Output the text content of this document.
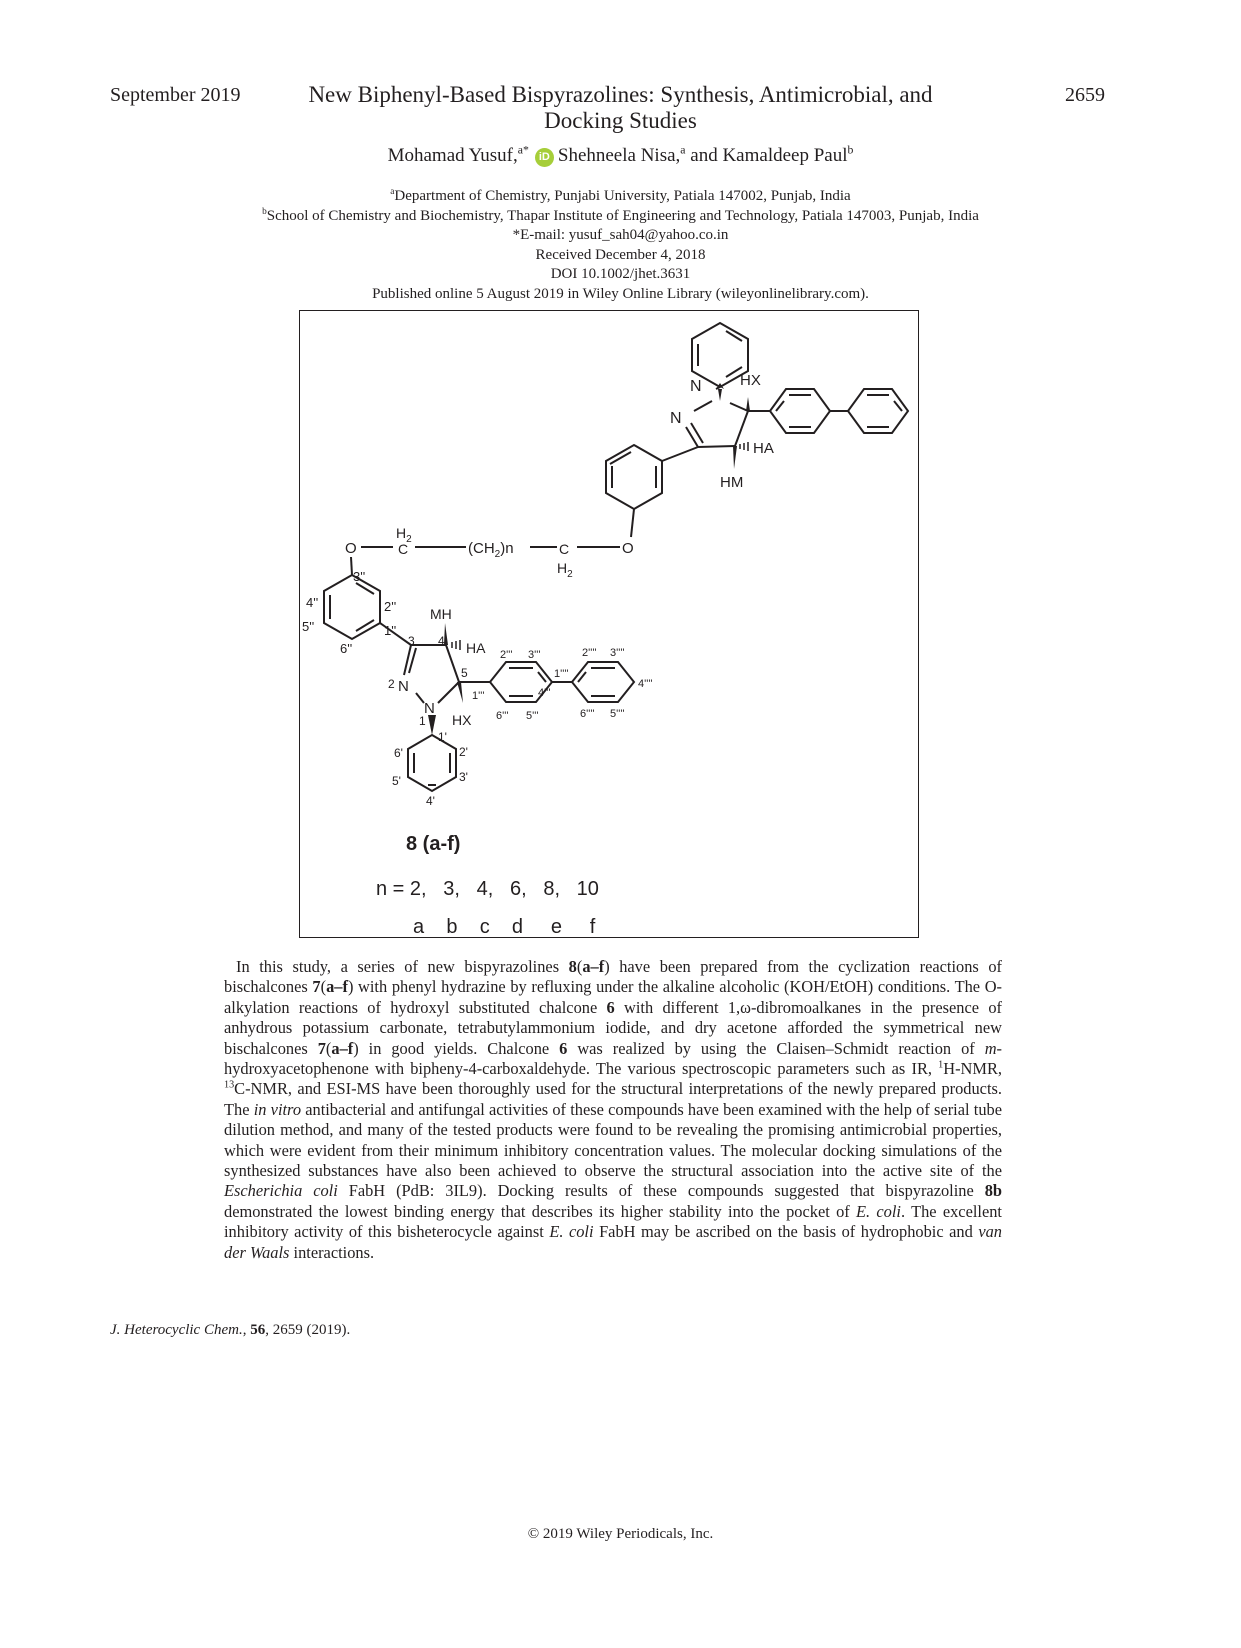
September 2019	New Biphenyl-Based Bispyrazolines: Synthesis, Antimicrobial, and
Docking Studies
2659
Mohamad Yusuf,$^{a*}$iD Shehneela Nisa,$^a$ and Kamaldeep Paul$^b$
$^a$Department of Chemistry, Punjabi University, Patiala 147002, Punjab, India
$^b$School of Chemistry and Biochemistry, Thapar Institute of Engineering and Technology, Patiala 147003, Punjab, India
*E-mail: yusuf_sah04@yahoo.co.in
Received December 4, 2018
DOI 10.1002/jhet.3631
Published online 5 August 2019 in Wiley Online Library (wileyonlinelibrary.com).
N
N
HX
HA
HM
O
O
$H_2$
C	$(CH_2)n$	C
$H_2$
3''
2''
4''
5''
6''
1''
MH
HA
3 4
5
2 N
N
1 HX
1'
2'
3'
4'
5'
6'
1'''
2''' 3'''
4'''
5'''
6'''
1''''
2'''' 3''''
4''''
5''''
6''''
8 (a-f)
n = 2,   3,   4,   6,   8,   10
a    b    c    d     e     f

In this study, a series of new bispyrazolines 8(a–f) have been prepared from the cyclization reactions of bischalcones 7(a–f) with phenyl hydrazine by refluxing under the alkaline alcoholic (KOH/EtOH) conditions. The O-alkylation reactions of hydroxyl substituted chalcone 6 with different 1,ω-dibromoalkanes in the presence of anhydrous potassium carbonate, tetrabutylammonium iodide, and dry acetone afforded the symmetrical new bischalcones 7(a–f) in good yields. Chalcone 6 was realized by using the Claisen–Schmidt reaction of m-hydroxyacetophenone with bipheny-4-carboxaldehyde. The various spectroscopic parameters such as IR, $^1$H-NMR, $^{13}$C-NMR, and ESI-MS have been thoroughly used for the structural interpretations of the newly prepared products. The in vitro antibacterial and antifungal activities of these compounds have been examined with the help of serial tube dilution method, and many of the tested products were found to be revealing the promising antimicrobial properties, which were evident from their minimum inhibitory concentration values. The molecular docking simulations of the synthesized substances have also been achieved to observe the structural association into the active site of the Escherichia coli FabH (PdB: 3IL9). Docking results of these compounds suggested that bispyrazoline 8b demonstrated the lowest binding energy that describes its higher stability into the pocket of E. coli. The excellent inhibitory activity of this bisheterocycle against E. coli FabH may be ascribed on the basis of hydrophobic and van der Waals interactions.

J. Heterocyclic Chem., 56, 2659 (2019).
© 2019 Wiley Periodicals, Inc.
